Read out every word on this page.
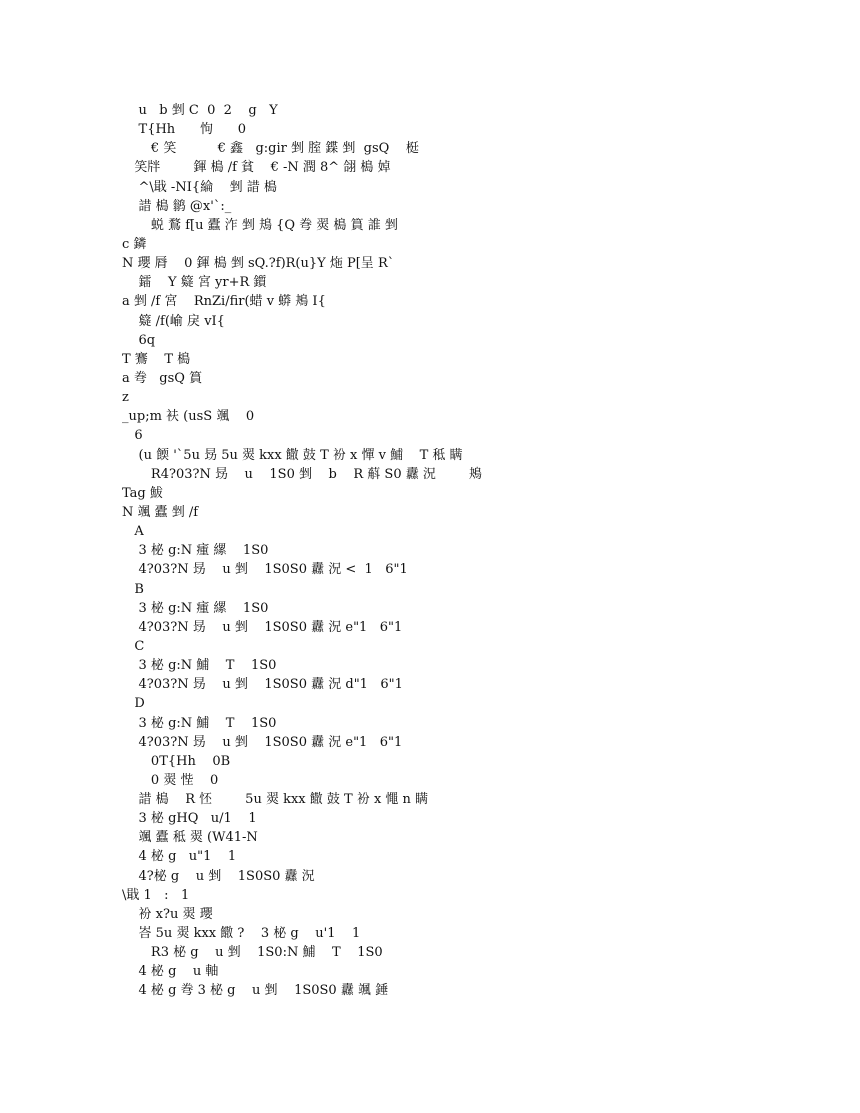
u   b 剉 C  0  2    g   Y
T{Hh      怐      0
€ 笑          € 鑫   g:gir 剉 腟 鍱 剉  gsQ    梃
笑牉        鍕 槝 /f 貧    € -N 潤 8^ 翖 槝 婥
^\戢 -NI{綸    剉 諎 槝
諎 槝 鹟 @x'`:_
蜕 鶩 f[u 蠹 泎 剉 鳺 {Q 弮 翜 槝 篔 誰 剉
c 鏻
N 瓔 脣    0 鍕 槝 剉 sQ.?f)R(u}Y 炧 P[呈 R`
鐳    Y 籎 宮 yr+R 鑕
a 剉 /f 宮    RnZi/fir(蜡 v 蟒 鴂 I{
籎 /f(崳 戾 vI{
6q
T 鶱    T 槝
a 弮   gsQ 篔
z
_up;m 衭 (usS 颯    0
6
(u 餪 '`5u 昮 5u 翜 kxx 饊 鼓 T 衯 x 憚 v 鯆    T 秪 瞒
R4?03?N 昮    u    1S0 剉    b    R 蔛 S0 纛 況        鴂
Tag 鮁
N 颯 蠹 剉 /f
A
3 柲 g:N 瘇 縲    1S0
4?03?N 昮    u 剉    1S0S0 纛 況 <  1   6"1
B
3 柲 g:N 瘇 縲    1S0
4?03?N 昮    u 剉    1S0S0 纛 況 e"1   6"1
C
3 柲 g:N 鯆    T    1S0
4?03?N 昮    u 剉    1S0S0 纛 況 d"1   6"1
D
3 柲 g:N 鯆    T    1S0
4?03?N 昮    u 剉    1S0S0 纛 況 e"1   6"1
0T{Hh    0B
0 翜 悂    0
諎 槝    R 怌        5u 翜 kxx 饊 鼓 T 衯 x 憴 n 瞒
3 柲 gHQ   u/1    1
颯 蠹 秪 翜 (W41-N
4 柲 g   u"1    1
4?柲 g    u 剉    1S0S0 纛 況
\戢 1   :   1
衯 x?u 翜 瓔
峇 5u 翜 kxx 饊 ?    3 柲 g    u'1    1
R3 柲 g    u 剉    1S0:N 鯆    T    1S0
4 柲 g    u 軸
4 柲 g 弮 3 柲 g    u 剉    1S0S0 纛 颯 錘
